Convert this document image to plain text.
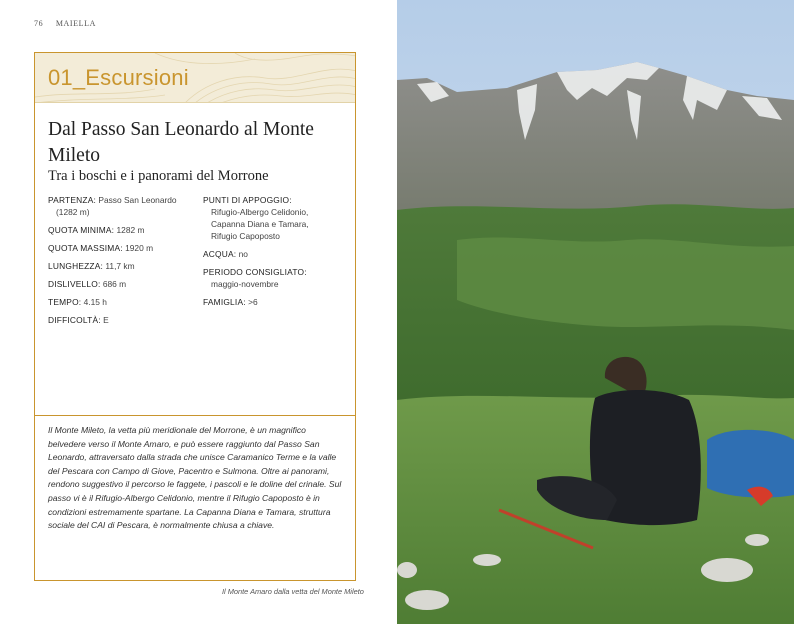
76 MAIELLA
01_Escursioni
Dal Passo San Leonardo al Monte Mileto
Tra i boschi e i panorami del Morrone
PARTENZA: Passo San Leonardo
(1282 m)
QUOTA MINIMA: 1282 m
QUOTA MASSIMA: 1920 m
LUNGHEZZA: 11,7 km
DISLIVELLO: 686 m
TEMPO: 4.15 h
DIFFICOLTÀ: E
PUNTI DI APPOGGIO:
Rifugio-Albergo Celidonio,
Capanna Diana e Tamara,
Rifugio Capoposto
ACQUA: no
PERIODO CONSIGLIATO:
maggio-novembre
FAMIGLIA: >6

Il Monte Mileto, la vetta più meridionale del Morrone, è un magnifico belvedere verso il Monte Amaro, e può essere raggiunto dal Passo San Leonardo, attraversato dalla strada che unisce Caramanico Terme e la valle del Pescara con Campo di Giove, Pacentro e Sulmona. Oltre ai panorami, rendono suggestivo il percorso le faggete, i pascoli e le doline del crinale. Sul passo vi è il Rifugio-Albergo Celidonio, mentre il Rifugio Capoposto è in condizioni estremamente spartane. La Capanna Diana e Tamara, struttura sociale del CAI di Pescara, è normalmente chiusa a chiave.

Il Monte Amaro dalla vetta del Monte Mileto
